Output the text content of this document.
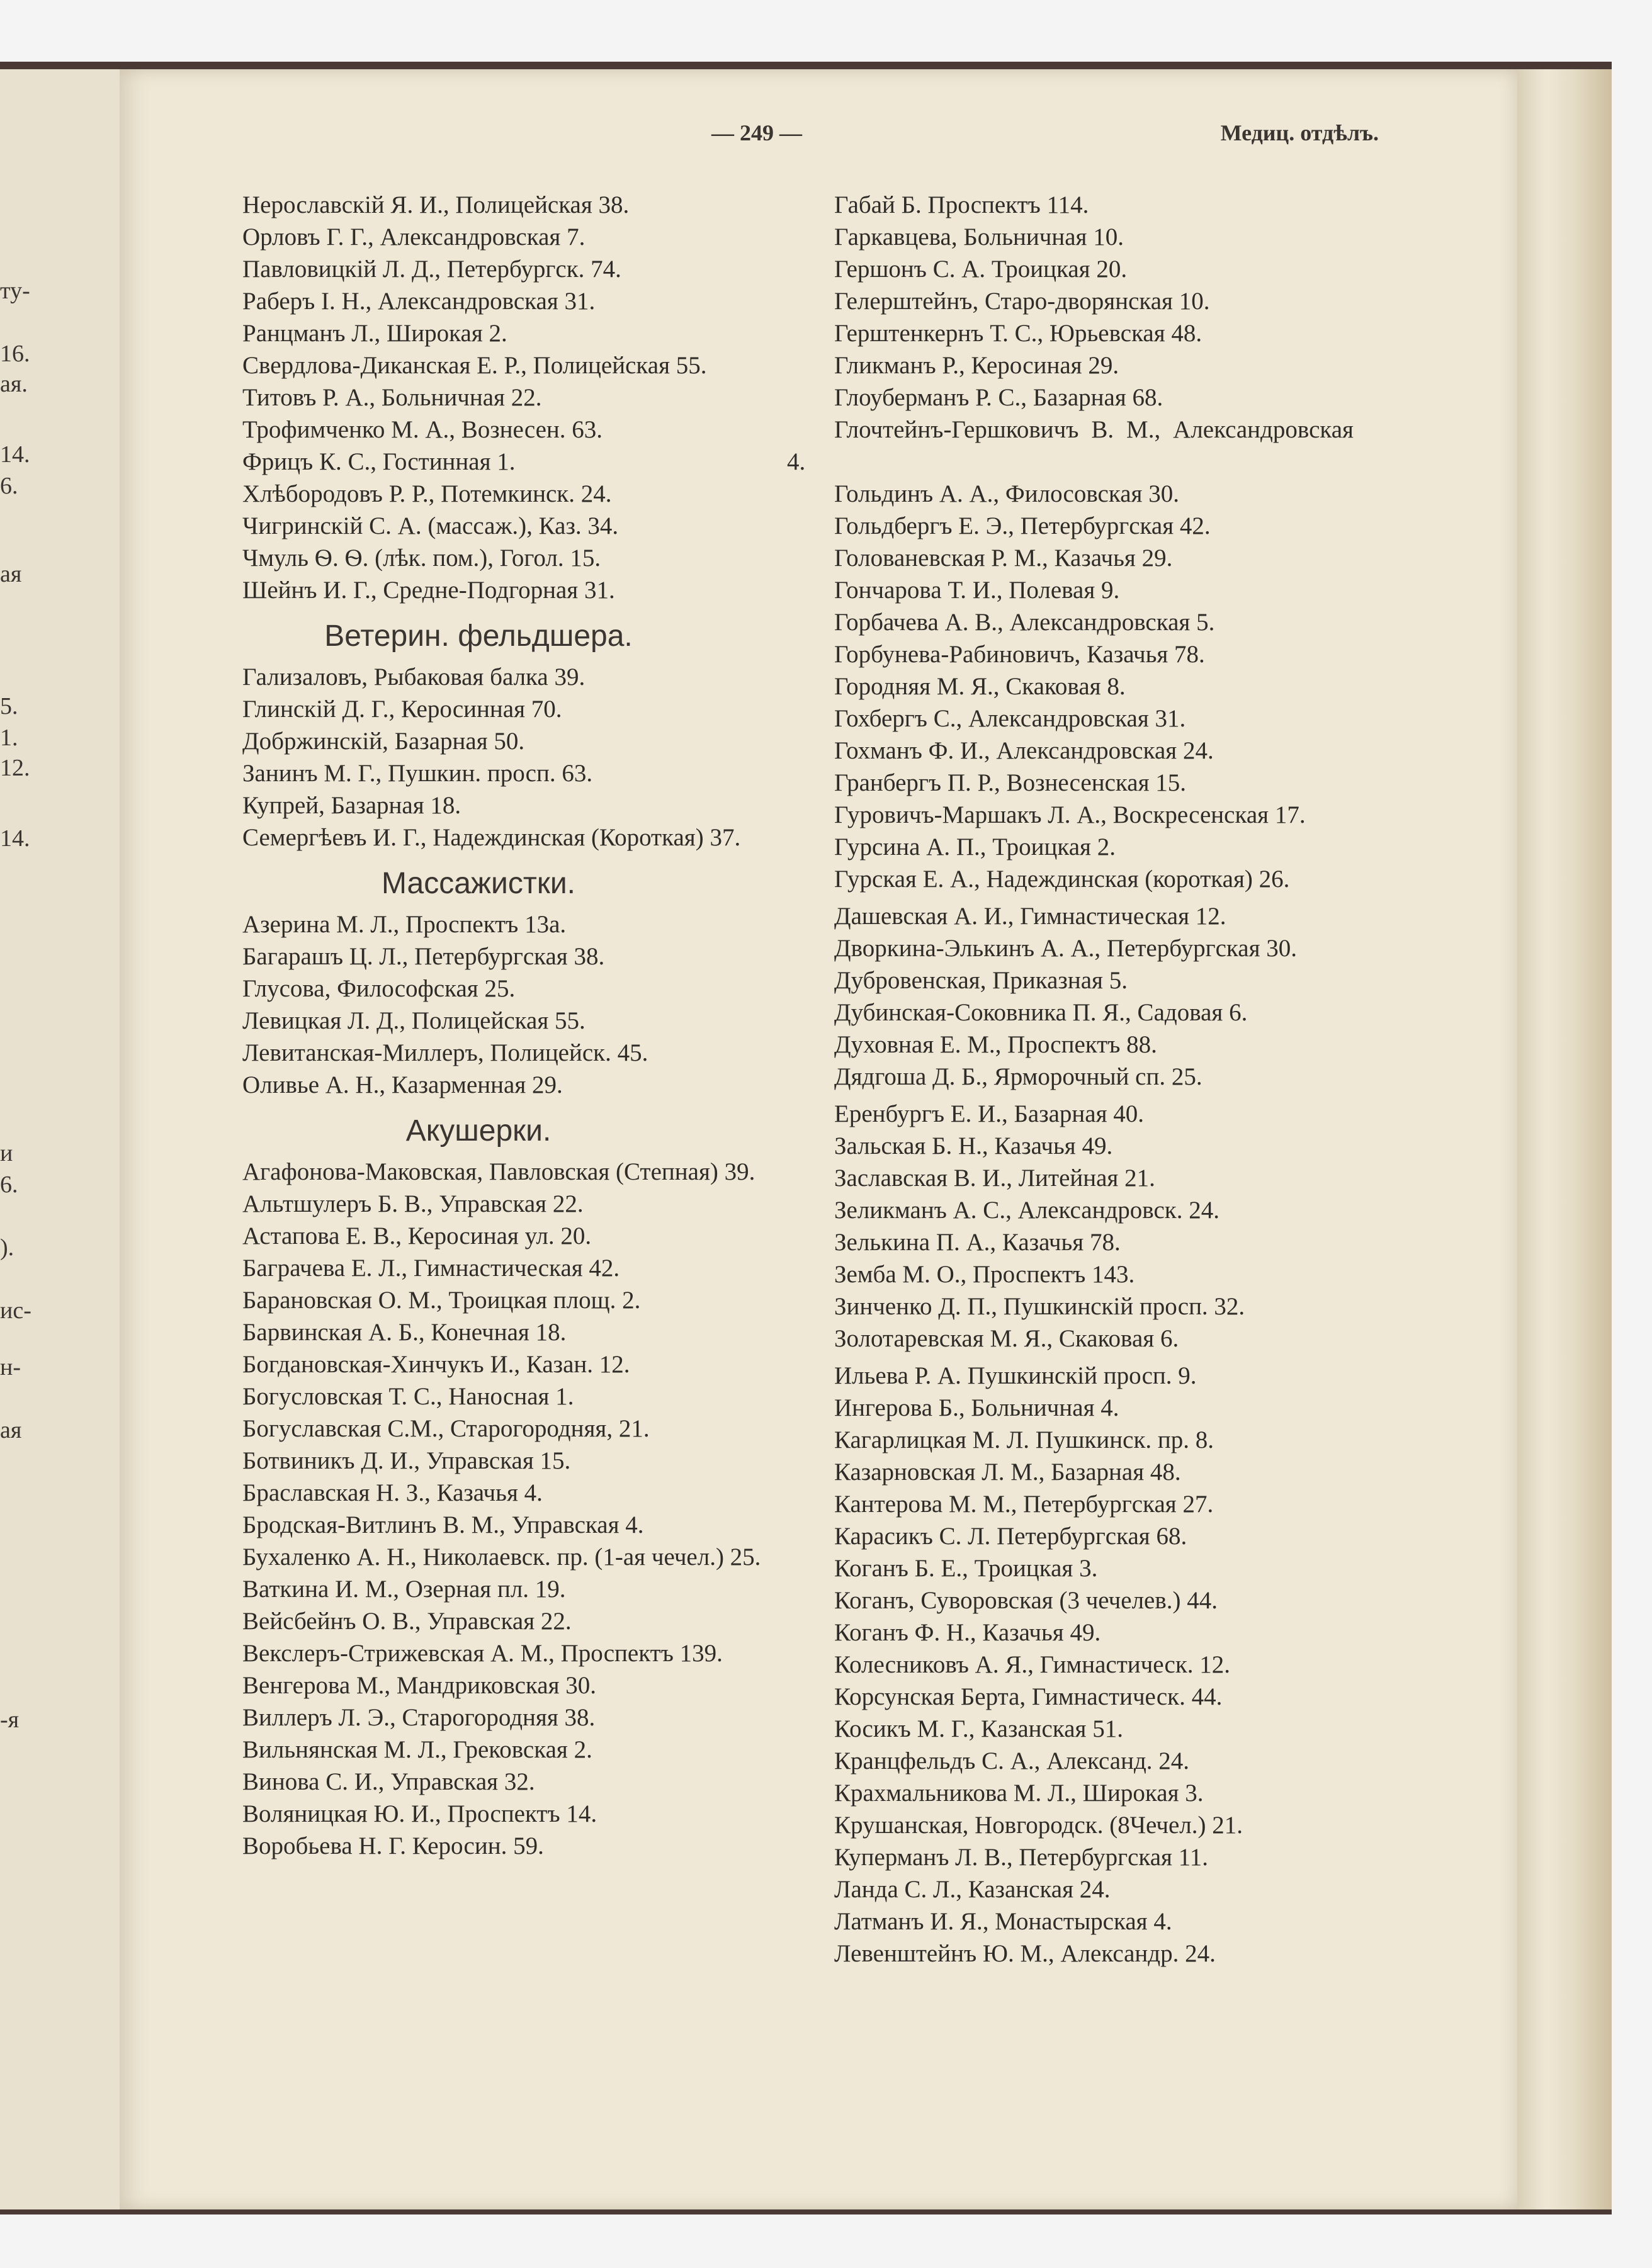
ту-
16.
ая.
14.
6.
ая
5.
1.
12.
14.
и
6.
).
ис-
н-
ая
-я
— 249 —	Медиц. отдѣлъ.
Нерославскій Я. И., Полицейская 38.
Орловъ Г. Г., Александровская 7.
Павловицкій Л. Д., Петербургск. 74.
Раберъ І. Н., Александровская 31.
Ранцманъ Л., Широкая 2.
Свердлова-Диканская Е. Р., Полицейская 55.
Титовъ Р. А., Больничная 22.
Трофимченко М. А., Вознесен. 63.
Фрицъ К. С., Гостинная 1.
Хлѣбородовъ Р. Р., Потемкинск. 24.
Чигринскій С. А. (массаж.), Каз. 34.
Чмуль Ѳ. Ѳ. (лѣк. пом.), Гогол. 15.
Шейнъ И. Г., Средне-Подгорная 31.
Ветерин. фельдшера.
Гализаловъ, Рыбаковая балка 39.
Глинскій Д. Г., Керосинная 70.
Добржинскій, Базарная 50.
Занинъ М. Г., Пушкин. просп. 63.
Купрей, Базарная 18.
Семергѣевъ И. Г., Надеждинская (Короткая) 37.
Массажистки.
Азерина М. Л., Проспектъ 13а.
Багарашъ Ц. Л., Петербургская 38.
Глусова, Философская 25.
Левицкая Л. Д., Полицейская 55.
Левитанская-Миллеръ, Полицейск. 45.
Оливье А. Н., Казарменная 29.
Акушерки.
Агафонова-Маковская, Павловская (Степная) 39.
Альтшулеръ Б. В., Управская 22.
Астапова Е. В., Керосиная ул. 20.
Баграчева Е. Л., Гимнастическая 42.
Барановская О. М., Троицкая площ. 2.
Барвинская А. Б., Конечная 18.
Богдановская-Хинчукъ И., Казан. 12.
Богусловская Т. С., Наносная 1.
Богуславская С.М., Старогородняя, 21.
Ботвиникъ Д. И., Управская 15.
Браславская Н. З., Казачья 4.
Бродская-Витлинъ В. М., Управская 4.
Бухаленко А. Н., Николаевск. пр. (1-ая чечел.) 25.
Ваткина И. М., Озерная пл. 19.
Вейсбейнъ О. В., Управская 22.
Векслеръ-Стрижевская А. М., Проспектъ 139.
Венгерова М., Мандриковская 30.
Виллеръ Л. Э., Старогородняя 38.
Вильнянская М. Л., Грековская 2.
Винова С. И., Управская 32.
Воляницкая Ю. И., Проспектъ 14.
Воробьева Н. Г. Керосин. 59.
Габай Б. Проспектъ 114.
Гаркавцева, Больничная 10.
Гершонъ С. А. Троицкая 20.
Гелерштейнъ, Старо-дворянская 10.
Герштенкернъ Т. С., Юрьевская 48.
Гликманъ Р., Керосиная 29.
Глоуберманъ Р. С., Базарная 68.
Глочтейнъ-Гершковичъ В. М., Александровская 4.
Гольдинъ А. А., Филосовская 30.
Гольдбергъ Е. Э., Петербургская 42.
Голованевская Р. М., Казачья 29.
Гончарова Т. И., Полевая 9.
Горбачева А. В., Александровская 5.
Горбунева-Рабиновичъ, Казачья 78.
Городняя М. Я., Скаковая 8.
Гохбергъ С., Александровская 31.
Гохманъ Ф. И., Александровская 24.
Гранбергъ П. Р., Вознесенская 15.
Гуровичъ-Маршакъ Л. А., Воскресенская 17.
Гурсина А. П., Троицкая 2.
Гурская Е. А., Надеждинская (короткая) 26.
Дашевская А. И., Гимнастическая 12.
Дворкина-Элькинъ А. А., Петербургская 30.
Дубровенская, Приказная 5.
Дубинская-Соковника П. Я., Садовая 6.
Духовная Е. М., Проспектъ 88.
Дядгоша Д. Б., Ярморочный сп. 25.
Еренбургъ Е. И., Базарная 40.
Зальская Б. Н., Казачья 49.
Заславская В. И., Литейная 21.
Зеликманъ А. С., Александровск. 24.
Зелькина П. А., Казачья 78.
Земба М. О., Проспектъ 143.
Зинченко Д. П., Пушкинскій просп. 32.
Золотаревская М. Я., Скаковая 6.
Ильева Р. А. Пушкинскій просп. 9.
Ингерова Б., Больничная 4.
Кагарлицкая М. Л. Пушкинск. пр. 8.
Казарновская Л. М., Базарная 48.
Кантерова М. М., Петербургская 27.
Карасикъ С. Л. Петербургская 68.
Коганъ Б. Е., Троицкая 3.
Коганъ, Суворовская (3 чечелев.) 44.
Коганъ Ф. Н., Казачья 49.
Колесниковъ А. Я., Гимнастическ. 12.
Корсунская Берта, Гимнастическ. 44.
Косикъ М. Г., Казанская 51.
Кранцфельдъ С. А., Александ. 24.
Крахмальникова М. Л., Широкая 3.
Крушанская, Новгородск. (8Чечел.) 21.
Куперманъ Л. В., Петербургская 11.
Ланда С. Л., Казанская 24.
Латманъ И. Я., Монастырская 4.
Левенштейнъ Ю. М., Александр. 24.
